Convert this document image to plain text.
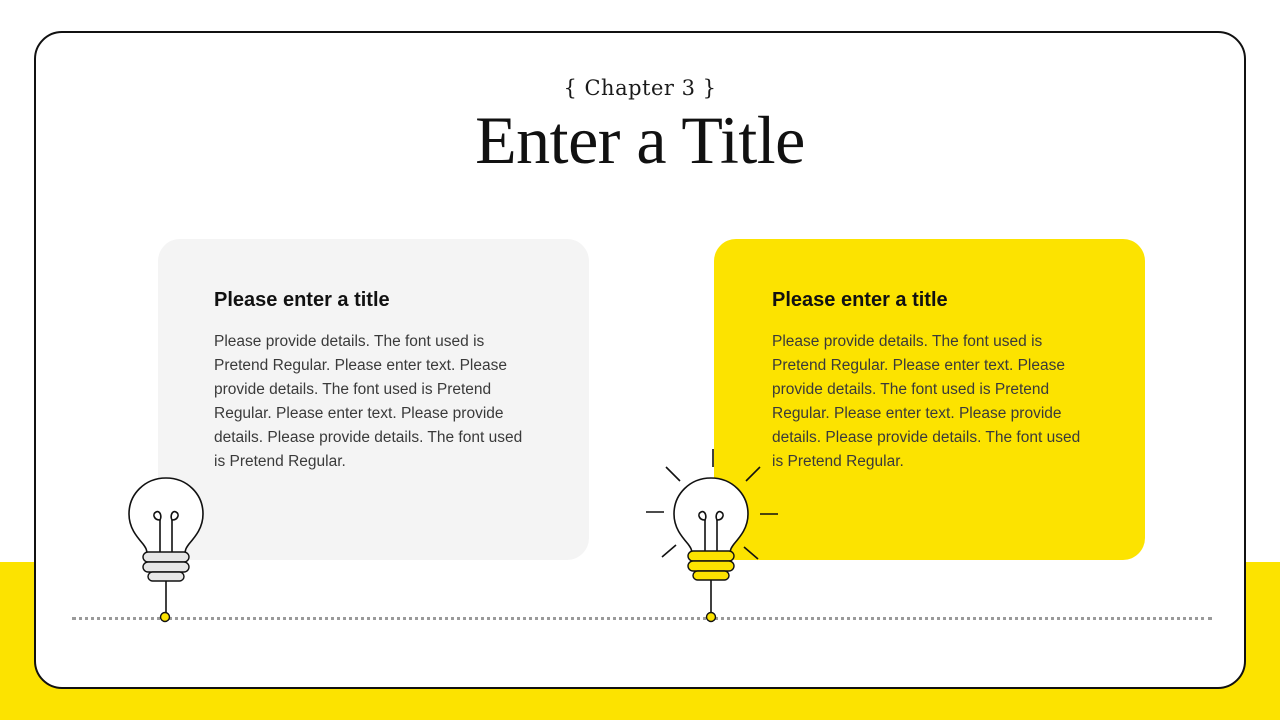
{ Chapter 3 }
Enter a Title

Please enter a title

Please provide details. The font used is Pretend Regular. Please enter text. Please provide details. The font used is Pretend Regular. Please enter text. Please provide details. Please provide details. The font used is Pretend Regular.

Please enter a title

Please provide details. The font used is Pretend Regular. Please enter text. Please provide details. The font used is Pretend Regular. Please enter text. Please provide details. Please provide details. The font used is Pretend Regular.
